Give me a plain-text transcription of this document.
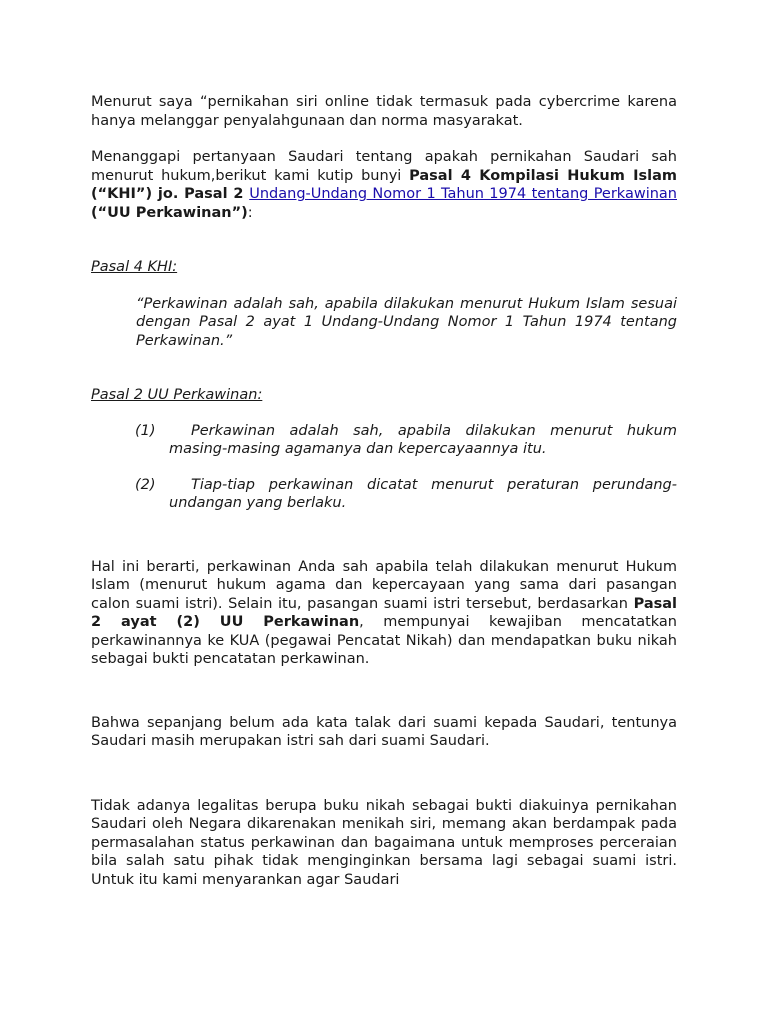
Menurut saya “pernikahan siri online tidak termasuk pada cybercrime karena hanya melanggar penyalahgunaan dan norma masyarakat.

Menanggapi pertanyaan Saudari tentang apakah pernikahan Saudari sah menurut hukum,berikut kami kutip bunyi Pasal 4 Kompilasi Hukum Islam (“KHI”) jo. Pasal 2 Undang-Undang Nomor 1 Tahun 1974 tentang Perkawinan (“UU Perkawinan”):

Pasal 4 KHI:

“Perkawinan adalah sah, apabila dilakukan menurut Hukum Islam sesuai dengan Pasal 2 ayat 1 Undang-Undang Nomor 1 Tahun 1974 tentang Perkawinan.”

Pasal 2 UU Perkawinan:

(1) Perkawinan adalah sah, apabila dilakukan menurut hukum masing-masing agamanya dan kepercayaannya itu.

(2) Tiap-tiap perkawinan dicatat menurut peraturan perundang-undangan yang berlaku.

Hal ini berarti, perkawinan Anda sah apabila telah dilakukan menurut Hukum Islam (menurut hukum agama dan kepercayaan yang sama dari pasangan calon suami istri). Selain itu, pasangan suami istri tersebut, berdasarkan Pasal 2 ayat (2) UU Perkawinan, mempunyai kewajiban mencatatkan perkawinannya ke KUA (pegawai Pencatat Nikah) dan mendapatkan buku nikah sebagai bukti pencatatan perkawinan.

Bahwa sepanjang belum ada kata talak dari suami kepada Saudari, tentunya Saudari masih merupakan istri sah dari suami Saudari.

Tidak adanya legalitas berupa buku nikah sebagai bukti diakuinya pernikahan Saudari oleh Negara dikarenakan menikah siri, memang akan berdampak pada permasalahan status perkawinan dan bagaimana untuk memproses perceraian bila salah satu pihak tidak menginginkan bersama lagi sebagai suami istri. Untuk itu kami menyarankan agar Saudari
